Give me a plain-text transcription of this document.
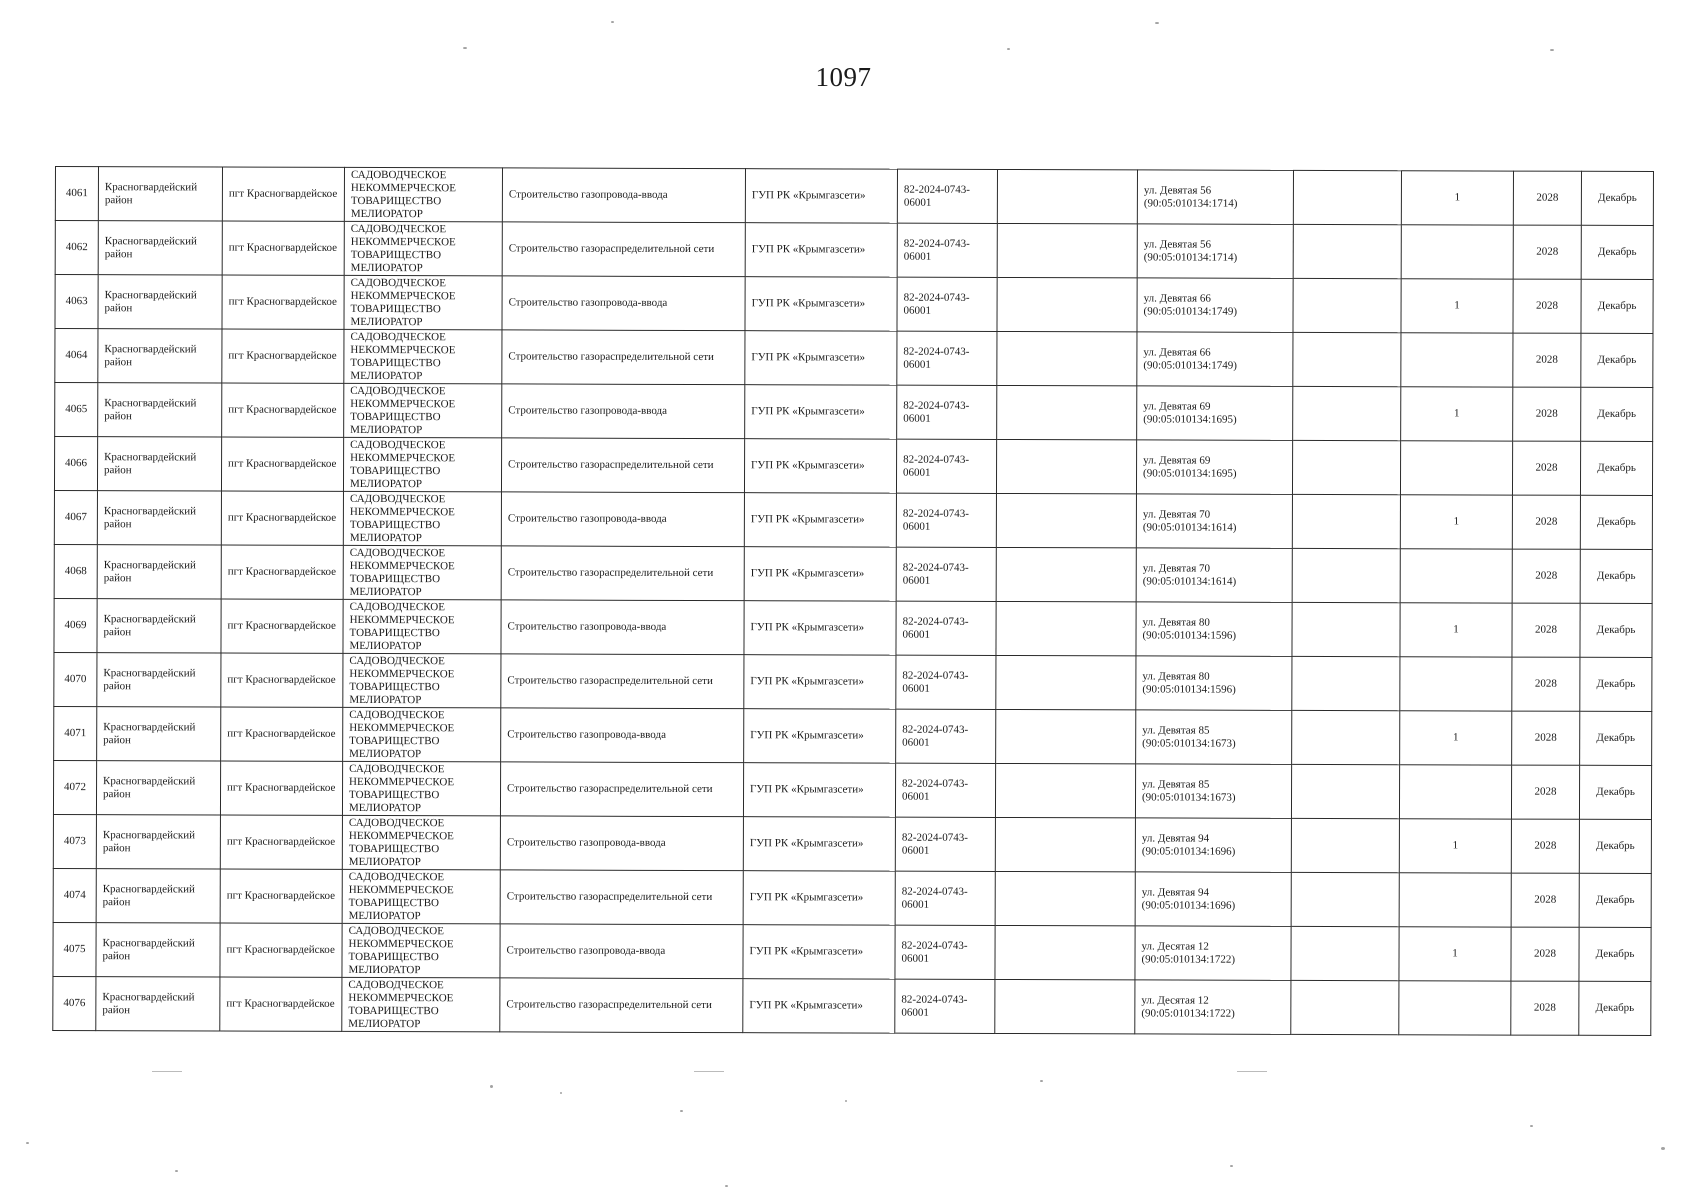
1097
4061	Красногвардейский район	пгт Красногвардейское	САДОВОДЧЕСКОЕ
НЕКОММЕРЧЕСКОЕ
ТОВАРИЩЕСТВО
МЕЛИОРАТОР	Строительство газопровода-ввода	ГУП РК «Крымгазсети»	82-2024-0743-
06001		ул. Девятая 56
(90:05:010134:1714)		1	2028	Декабрь
4062	Красногвардейский район	пгт Красногвардейское	САДОВОДЧЕСКОЕ
НЕКОММЕРЧЕСКОЕ
ТОВАРИЩЕСТВО
МЕЛИОРАТОР	Строительство газораспределительной сети	ГУП РК «Крымгазсети»	82-2024-0743-
06001		ул. Девятая 56
(90:05:010134:1714)			2028	Декабрь
4063	Красногвардейский район	пгт Красногвардейское	САДОВОДЧЕСКОЕ
НЕКОММЕРЧЕСКОЕ
ТОВАРИЩЕСТВО
МЕЛИОРАТОР	Строительство газопровода-ввода	ГУП РК «Крымгазсети»	82-2024-0743-
06001		ул. Девятая 66
(90:05:010134:1749)		1	2028	Декабрь
4064	Красногвардейский район	пгт Красногвардейское	САДОВОДЧЕСКОЕ
НЕКОММЕРЧЕСКОЕ
ТОВАРИЩЕСТВО
МЕЛИОРАТОР	Строительство газораспределительной сети	ГУП РК «Крымгазсети»	82-2024-0743-
06001		ул. Девятая 66
(90:05:010134:1749)			2028	Декабрь
4065	Красногвардейский район	пгт Красногвардейское	САДОВОДЧЕСКОЕ
НЕКОММЕРЧЕСКОЕ
ТОВАРИЩЕСТВО
МЕЛИОРАТОР	Строительство газопровода-ввода	ГУП РК «Крымгазсети»	82-2024-0743-
06001		ул. Девятая 69
(90:05:010134:1695)		1	2028	Декабрь
4066	Красногвардейский район	пгт Красногвардейское	САДОВОДЧЕСКОЕ
НЕКОММЕРЧЕСКОЕ
ТОВАРИЩЕСТВО
МЕЛИОРАТОР	Строительство газораспределительной сети	ГУП РК «Крымгазсети»	82-2024-0743-
06001		ул. Девятая 69
(90:05:010134:1695)			2028	Декабрь
4067	Красногвардейский район	пгт Красногвардейское	САДОВОДЧЕСКОЕ
НЕКОММЕРЧЕСКОЕ
ТОВАРИЩЕСТВО
МЕЛИОРАТОР	Строительство газопровода-ввода	ГУП РК «Крымгазсети»	82-2024-0743-
06001		ул. Девятая 70
(90:05:010134:1614)		1	2028	Декабрь
4068	Красногвардейский район	пгт Красногвардейское	САДОВОДЧЕСКОЕ
НЕКОММЕРЧЕСКОЕ
ТОВАРИЩЕСТВО
МЕЛИОРАТОР	Строительство газораспределительной сети	ГУП РК «Крымгазсети»	82-2024-0743-
06001		ул. Девятая 70
(90:05:010134:1614)			2028	Декабрь
4069	Красногвардейский район	пгт Красногвардейское	САДОВОДЧЕСКОЕ
НЕКОММЕРЧЕСКОЕ
ТОВАРИЩЕСТВО
МЕЛИОРАТОР	Строительство газопровода-ввода	ГУП РК «Крымгазсети»	82-2024-0743-
06001		ул. Девятая 80
(90:05:010134:1596)		1	2028	Декабрь
4070	Красногвардейский район	пгт Красногвардейское	САДОВОДЧЕСКОЕ
НЕКОММЕРЧЕСКОЕ
ТОВАРИЩЕСТВО
МЕЛИОРАТОР	Строительство газораспределительной сети	ГУП РК «Крымгазсети»	82-2024-0743-
06001		ул. Девятая 80
(90:05:010134:1596)			2028	Декабрь
4071	Красногвардейский район	пгт Красногвардейское	САДОВОДЧЕСКОЕ
НЕКОММЕРЧЕСКОЕ
ТОВАРИЩЕСТВО
МЕЛИОРАТОР	Строительство газопровода-ввода	ГУП РК «Крымгазсети»	82-2024-0743-
06001		ул. Девятая 85
(90:05:010134:1673)		1	2028	Декабрь
4072	Красногвардейский район	пгт Красногвардейское	САДОВОДЧЕСКОЕ
НЕКОММЕРЧЕСКОЕ
ТОВАРИЩЕСТВО
МЕЛИОРАТОР	Строительство газораспределительной сети	ГУП РК «Крымгазсети»	82-2024-0743-
06001		ул. Девятая 85
(90:05:010134:1673)			2028	Декабрь
4073	Красногвардейский район	пгт Красногвардейское	САДОВОДЧЕСКОЕ
НЕКОММЕРЧЕСКОЕ
ТОВАРИЩЕСТВО
МЕЛИОРАТОР	Строительство газопровода-ввода	ГУП РК «Крымгазсети»	82-2024-0743-
06001		ул. Девятая 94
(90:05:010134:1696)		1	2028	Декабрь
4074	Красногвардейский район	пгт Красногвардейское	САДОВОДЧЕСКОЕ
НЕКОММЕРЧЕСКОЕ
ТОВАРИЩЕСТВО
МЕЛИОРАТОР	Строительство газораспределительной сети	ГУП РК «Крымгазсети»	82-2024-0743-
06001		ул. Девятая 94
(90:05:010134:1696)			2028	Декабрь
4075	Красногвардейский район	пгт Красногвардейское	САДОВОДЧЕСКОЕ
НЕКОММЕРЧЕСКОЕ
ТОВАРИЩЕСТВО
МЕЛИОРАТОР	Строительство газопровода-ввода	ГУП РК «Крымгазсети»	82-2024-0743-
06001		ул. Десятая 12
(90:05:010134:1722)		1	2028	Декабрь
4076	Красногвардейский район	пгт Красногвардейское	САДОВОДЧЕСКОЕ
НЕКОММЕРЧЕСКОЕ
ТОВАРИЩЕСТВО
МЕЛИОРАТОР	Строительство газораспределительной сети	ГУП РК «Крымгазсети»	82-2024-0743-
06001		ул. Десятая 12
(90:05:010134:1722)			2028	Декабрь
